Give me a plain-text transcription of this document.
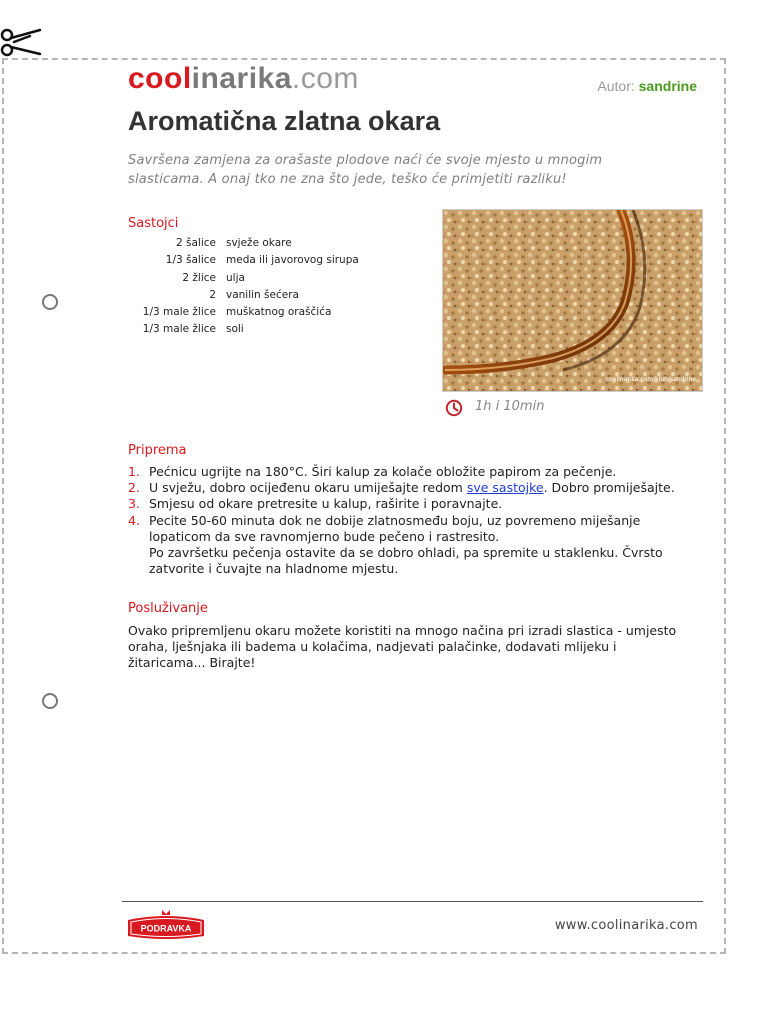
coolinarika.com	Autor: sandrine
Aromatična zlatna okara
Savršena zamjena za orašaste plodove naći će svoje mjesto u mnogim slasticama. A onaj tko ne zna što jede, teško će primjetiti razliku!
Sastojci
2 šalice	svježe okare
1/3 šalice	meda ili javorovog sirupa
2 žlice	ulja
2	vanilin šećera
1/3 male žlice	muškatnog oraščića
1/3 male žlice	soli
coolinarika.com/klub/sandrine
1h i 10min
Priprema
1. Pećnicu ugrijte na 180°C. Širi kalup za kolače obložite papirom za pečenje.
2. U svježu, dobro ocijeđenu okaru umiješajte redom sve sastojke. Dobro promiješajte.
3. Smjesu od okare pretresite u kalup, raširite i poravnajte.
4. Pecite 50-60 minuta dok ne dobije zlatnosmeđu boju, uz povremeno miješanje lopaticom da sve ravnomjerno bude pečeno i rastresito.
Po završetku pečenja ostavite da se dobro ohladi, pa spremite u staklenku. Čvrsto zatvorite i čuvajte na hladnome mjestu.
Posluživanje
Ovako pripremljenu okaru možete koristiti na mnogo načina pri izradi slastica - umjesto oraha, lješnjaka ili badema u kolačima, nadjevati palačinke, dodavati mlijeku i žitaricama... Birajte!
PODRAVKA	www.coolinarika.com
